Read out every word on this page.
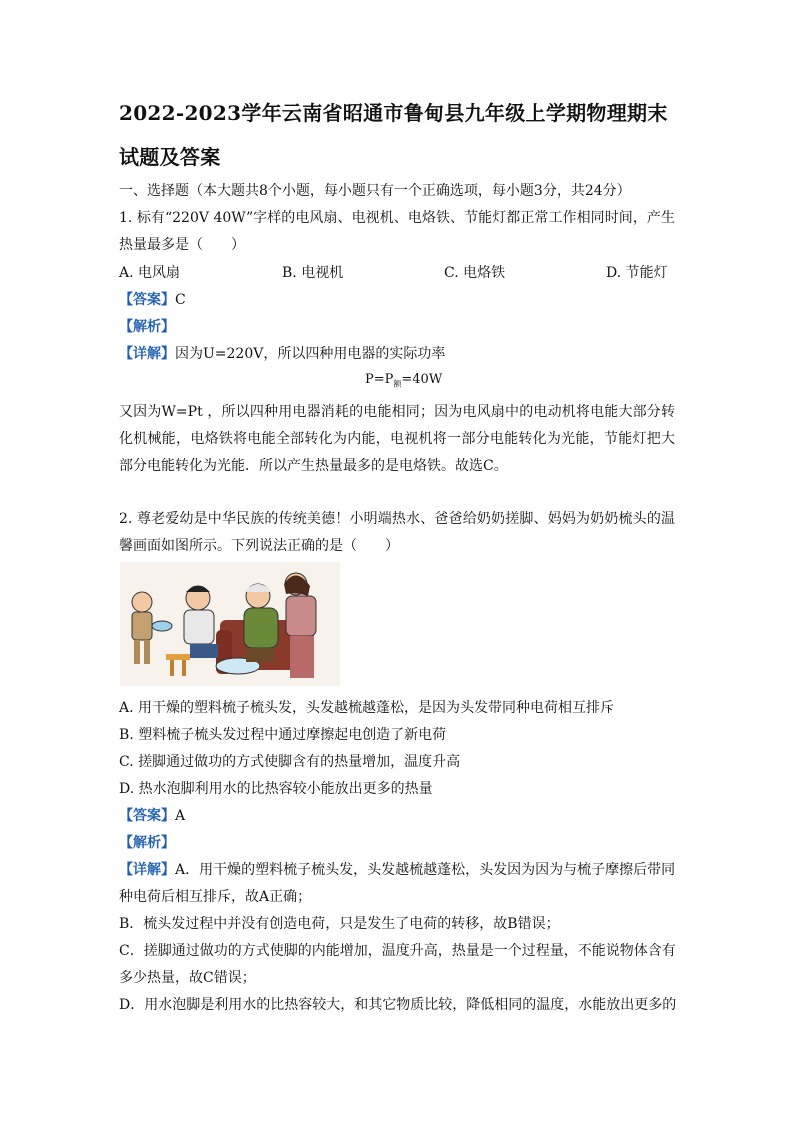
2022-2023学年云南省昭通市鲁甸县九年级上学期物理期末
试题及答案
一、选择题（本大题共8个小题，每小题只有一个正确选项，每小题3分，共24分）
1. 标有“220V 40W”字样的电风扇、电视机、电烙铁、节能灯都正常工作相同时间，产生
热量最多是（　　）
A. 电风扇	B. 电视机	C. 电烙铁	D. 节能灯
【答案】C
【解析】
【详解】因为U=220V，所以四种用电器的实际功率
$P=P_额=40W$
又因为W=Pt ，所以四种用电器消耗的电能相同；因为电风扇中的电动机将电能大部分转
化机械能，电烙铁将电能全部转化为内能，电视机将一部分电能转化为光能，节能灯把大
部分电能转化为光能．所以产生热量最多的是电烙铁。故选C。
2. 尊老爱幼是中华民族的传统美德！小明端热水、爸爸给奶奶搓脚、妈妈为奶奶梳头的温
馨画面如图所示。下列说法正确的是（　　）
A. 用干燥的塑料梳子梳头发，头发越梳越蓬松，是因为头发带同种电荷相互排斥
B. 塑料梳子梳头发过程中通过摩擦起电创造了新电荷
C. 搓脚通过做功的方式使脚含有的热量增加，温度升高
D. 热水泡脚利用水的比热容较小能放出更多的热量
【答案】A
【解析】
【详解】A．用干燥的塑料梳子梳头发，头发越梳越蓬松，头发因为因为与梳子摩擦后带同
种电荷后相互排斥，故A正确；
B．梳头发过程中并没有创造电荷，只是发生了电荷的转移，故B错误；
C．搓脚通过做功的方式使脚的内能增加，温度升高，热量是一个过程量，不能说物体含有
多少热量，故C错误；
D．用水泡脚是利用水的比热容较大，和其它物质比较，降低相同的温度，水能放出更多的
